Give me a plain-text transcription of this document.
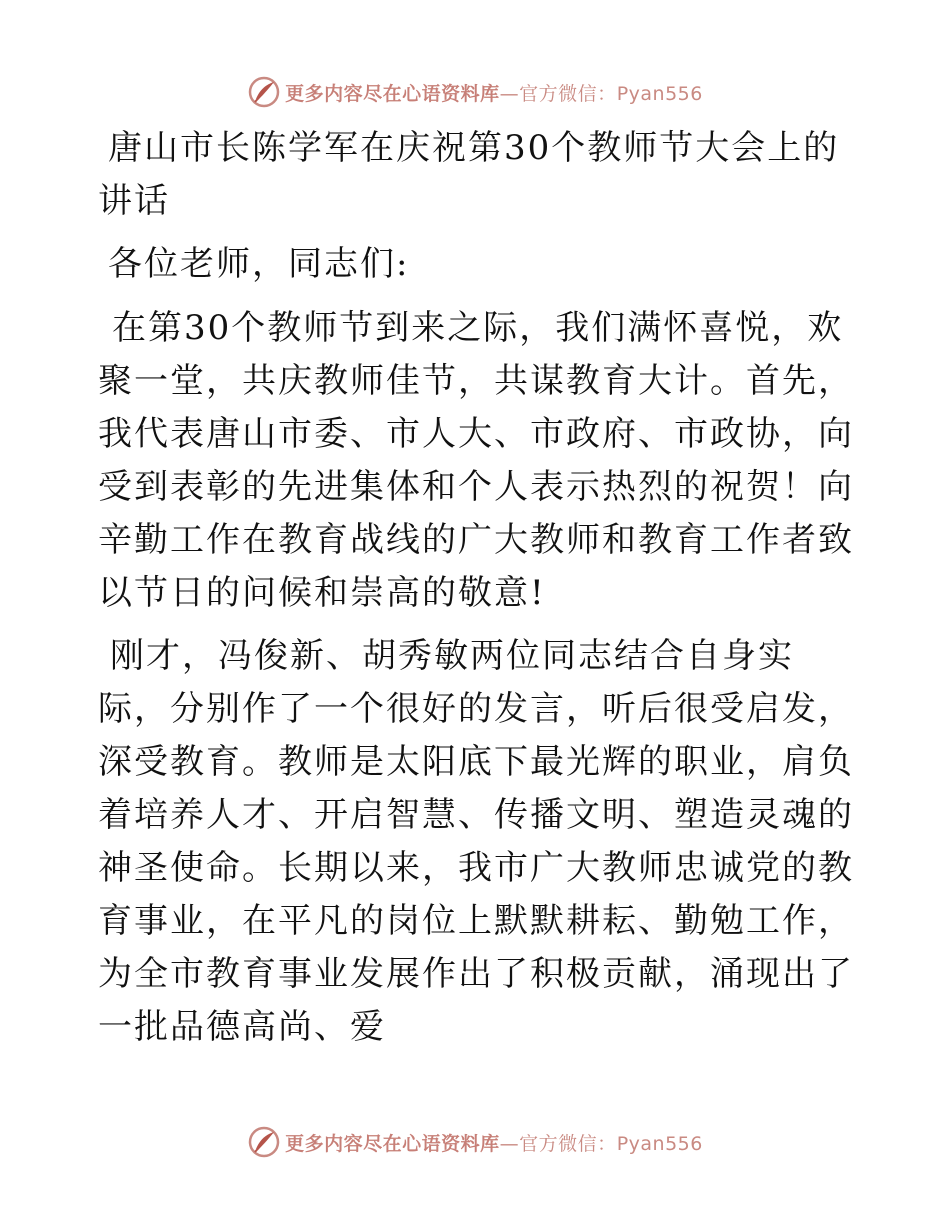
更多内容尽在心语资料库—官方微信：Pyan556

唐山市长陈学军在庆祝第30个教师节大会上的讲话

各位老师，同志们:

在第30个教师节到来之际，我们满怀喜悦，欢聚一堂，共庆教师佳节，共谋教育大计。首先，我代表唐山市委、市人大、市政府、市政协，向受到表彰的先进集体和个人表示热烈的祝贺！向辛勤工作在教育战线的广大教师和教育工作者致以节日的问候和崇高的敬意!

刚才，冯俊新、胡秀敏两位同志结合自身实际，分别作了一个很好的发言，听后很受启发，深受教育。教师是太阳底下最光辉的职业，肩负着培养人才、开启智慧、传播文明、塑造灵魂的神圣使命。长期以来，我市广大教师忠诚党的教育事业，在平凡的岗位上默默耕耘、勤勉工作，为全市教育事业发展作出了积极贡献，涌现出了一批品德高尚、爱

更多内容尽在心语资料库—官方微信：Pyan556
